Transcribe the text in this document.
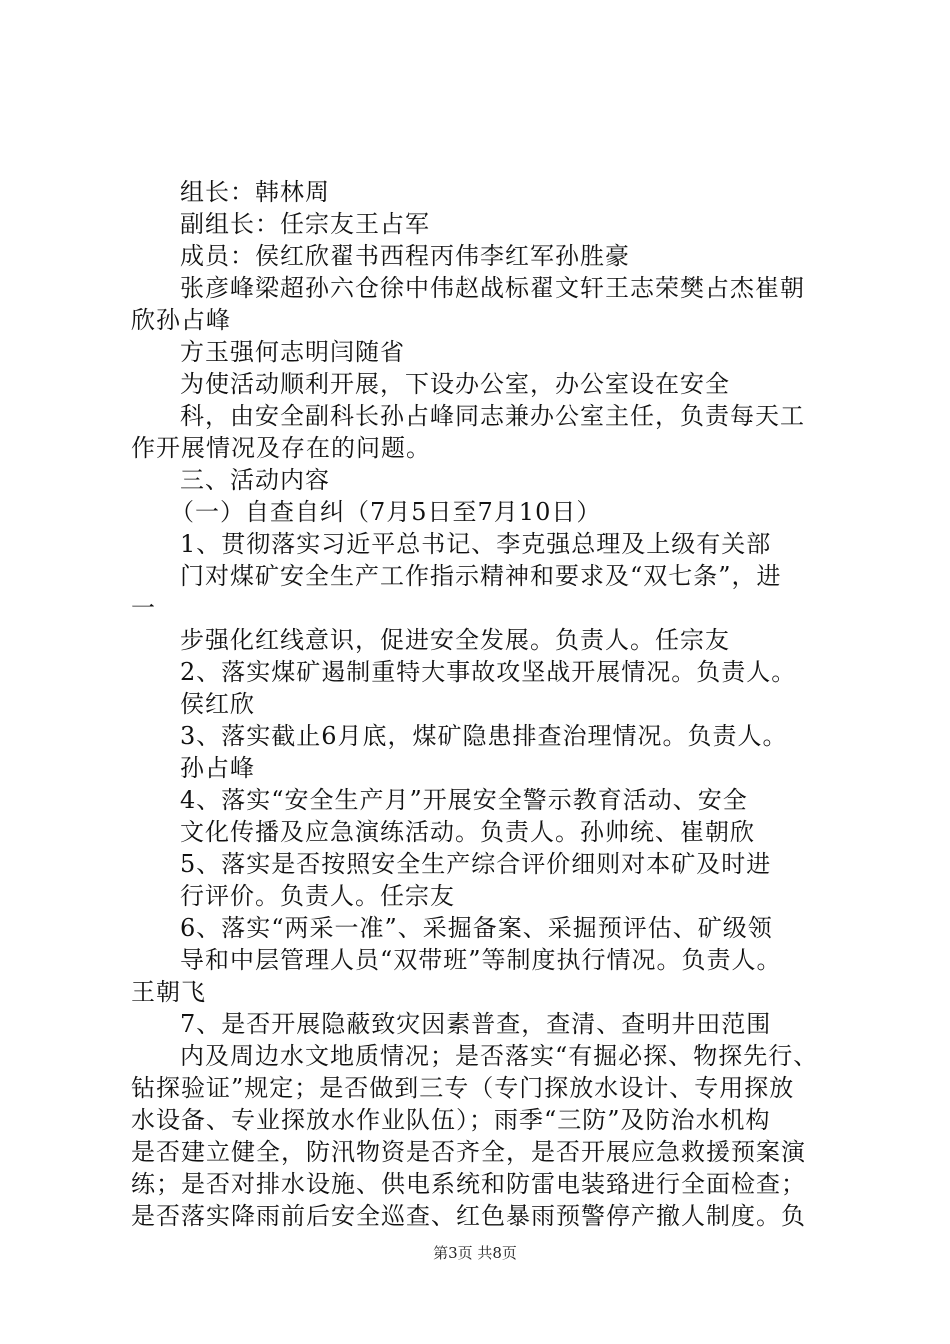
组长：韩林周
副组长：任宗友王占军
成员：侯红欣翟书西程丙伟李红军孙胜豪
张彦峰梁超孙六仓徐中伟赵战标翟文轩王志荣樊占杰崔朝
欣孙占峰
方玉强何志明闫随省
为使活动顺利开展，下设办公室，办公室设在安全
科，由安全副科长孙占峰同志兼办公室主任，负责每天工
作开展情况及存在的问题。
三、活动内容
（一）自查自纠（7月5日至7月10日）
1、贯彻落实习近平总书记、李克强总理及上级有关部
门对煤矿安全生产工作指示精神和要求及“双七条”，进
一
步强化红线意识，促进安全发展。负责人。任宗友
2、落实煤矿遏制重特大事故攻坚战开展情况。负责人。
侯红欣
3、落实截止6月底，煤矿隐患排查治理情况。负责人。
孙占峰
4、落实“安全生产月”开展安全警示教育活动、安全
文化传播及应急演练活动。负责人。孙帅统、崔朝欣
5、落实是否按照安全生产综合评价细则对本矿及时进
行评价。负责人。任宗友
6、落实“两采一准”、采掘备案、采掘预评估、矿级领
导和中层管理人员“双带班”等制度执行情况。负责人。
王朝飞
7、是否开展隐蔽致灾因素普查，查清、查明井田范围
内及周边水文地质情况；是否落实“有掘必探、物探先行、
钻探验证”规定；是否做到三专（专门探放水设计、专用探放
水设备、专业探放水作业队伍）；雨季“三防”及防治水机构
是否建立健全，防汛物资是否齐全，是否开展应急救援预案演
练；是否对排水设施、供电系统和防雷电装臵进行全面检查；
是否落实降雨前后安全巡查、红色暴雨预警停产撤人制度。负
第3页 共8页
